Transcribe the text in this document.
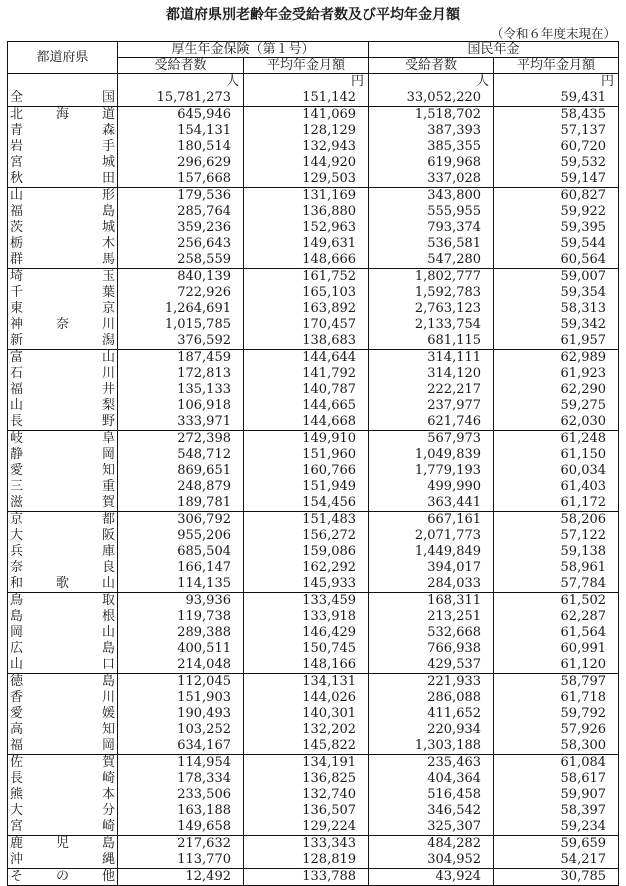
都道府県別老齢年金受給者数及び平均年金月額
（令和６年度末現在）
都道府県	厚生年金保険（第１号）		国民年金	
	受給者数	平均年金月額	受給者数	平均年金月額
	人	円	人	円

全 国	15,781,273	151,142	33,052,220	59,431

北 海 道	645,946	141,069	1,518,702	58,435

青 森	154,131	128,129	387,393	57,137

岩 手	180,514	132,943	385,355	60,720

宮 城	296,629	144,920	619,968	59,532

秋 田	157,668	129,503	337,028	59,147

山 形	179,536	131,169	343,800	60,827

福 島	285,764	136,880	555,955	59,922

茨 城	359,236	152,963	793,374	59,395

栃 木	256,643	149,631	536,581	59,544

群 馬	258,559	148,666	547,280	60,564

埼 玉	840,139	161,752	1,802,777	59,007

千 葉	722,926	165,103	1,592,783	59,354

東 京	1,264,691	163,892	2,763,123	58,313

神 奈 川	1,015,785	170,457	2,133,754	59,342

新 潟	376,592	138,683	681,115	61,957

富 山	187,459	144,644	314,111	62,989

石 川	172,813	141,792	314,120	61,923

福 井	135,133	140,787	222,217	62,290

山 梨	106,918	144,665	237,977	59,275

長 野	333,971	144,668	621,746	62,030

岐 阜	272,398	149,910	567,973	61,248

静 岡	548,712	151,960	1,049,839	61,150

愛 知	869,651	160,766	1,779,193	60,034

三 重	248,879	151,949	499,990	61,403

滋 賀	189,781	154,456	363,441	61,172

京 都	306,792	151,483	667,161	58,206

大 阪	955,206	156,272	2,071,773	57,122

兵 庫	685,504	159,086	1,449,849	59,138

奈 良	166,147	162,292	394,017	58,961

和 歌 山	114,135	145,933	284,033	57,784

鳥 取	93,936	133,459	168,311	61,502

島 根	119,738	133,918	213,251	62,287

岡 山	289,388	146,429	532,668	61,564

広 島	400,511	150,745	766,938	60,991

山 口	214,048	148,166	429,537	61,120

徳 島	112,045	134,131	221,933	58,797

香 川	151,903	144,026	286,088	61,718

愛 媛	190,493	140,301	411,652	59,792

高 知	103,252	132,202	220,934	57,926

福 岡	634,167	145,822	1,303,188	58,300

佐 賀	114,954	134,191	235,463	61,084

長 崎	178,334	136,825	404,364	58,617

熊 本	233,506	132,740	516,458	59,907

大 分	163,188	136,507	346,542	58,397

宮 崎	149,658	129,224	325,307	59,234

鹿 児 島	217,632	133,343	484,282	59,659

沖 縄	113,770	128,819	304,952	54,217

そ の 他	12,492	133,788	43,924	30,785
